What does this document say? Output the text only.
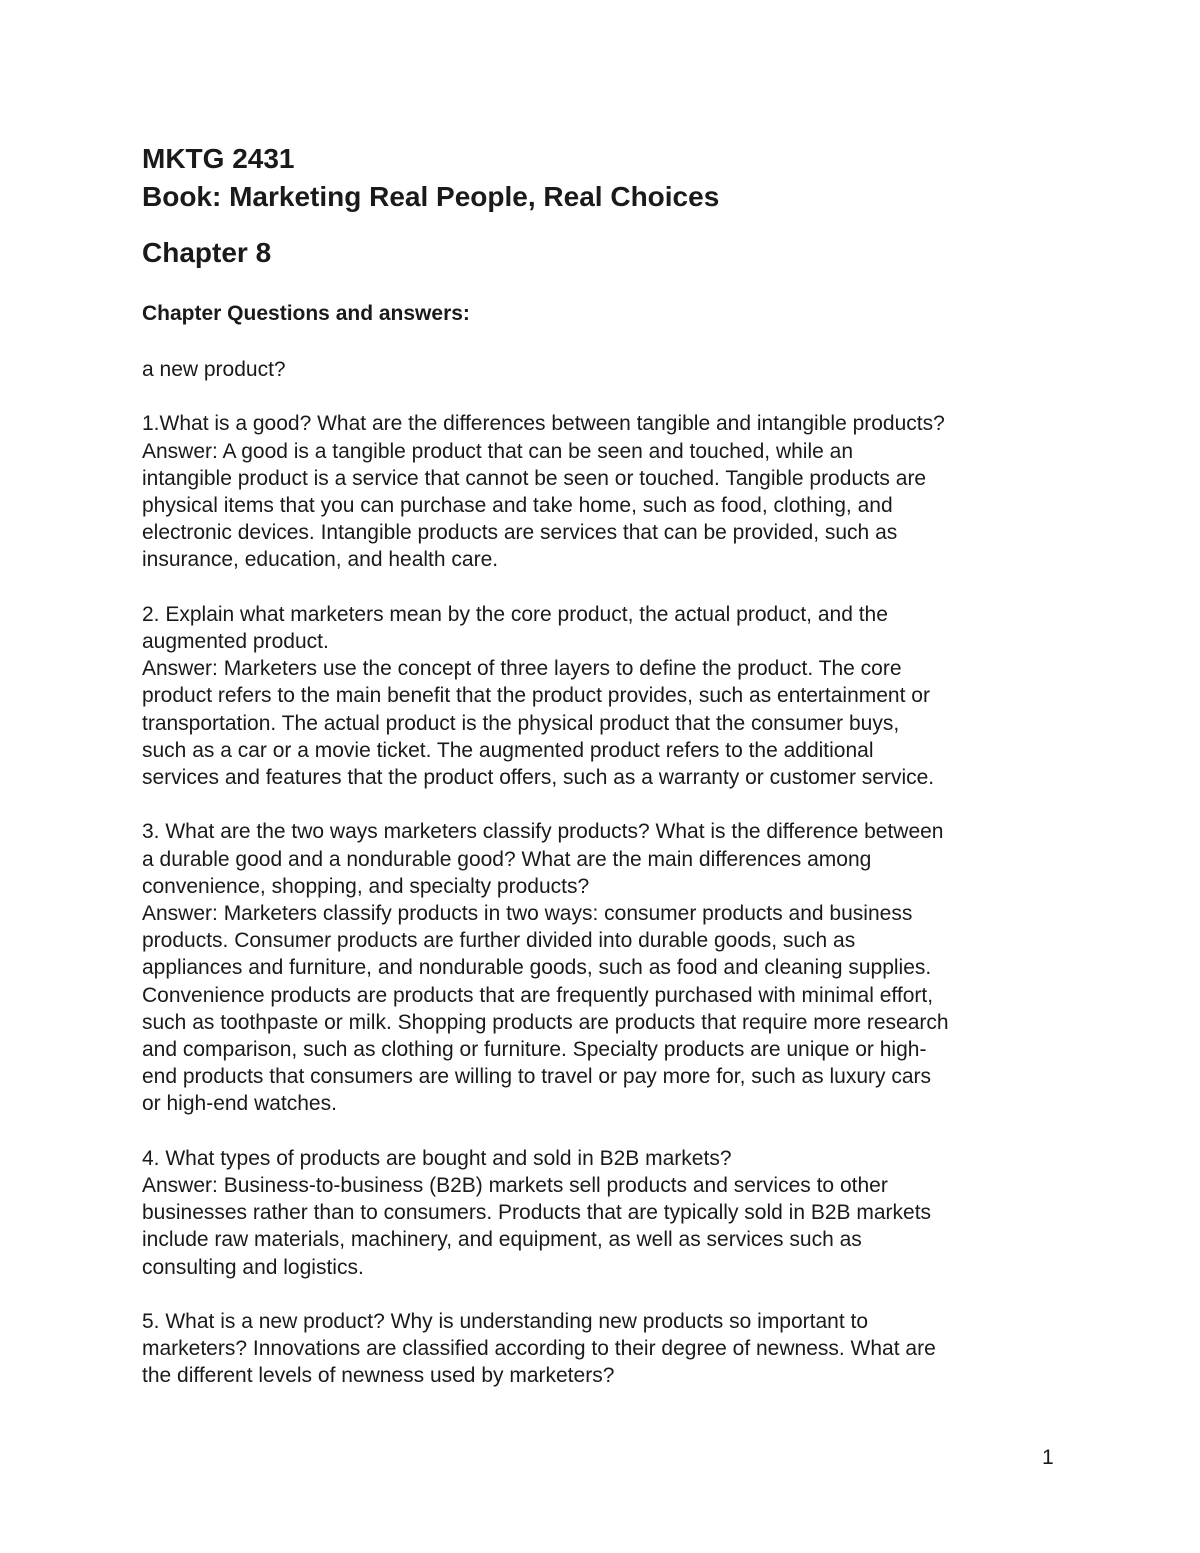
MKTG 2431

Book: Marketing Real People, Real Choices

Chapter 8

Chapter Questions and answers:

a new product?

1.What is a good? What are the differences between tangible and intangible products?

Answer: A good is a tangible product that can be seen and touched, while an

intangible product is a service that cannot be seen or touched. Tangible products are

physical items that you can purchase and take home, such as food, clothing, and

electronic devices. Intangible products are services that can be provided, such as

insurance, education, and health care.

2. Explain what marketers mean by the core product, the actual product, and the

augmented product.

Answer: Marketers use the concept of three layers to define the product. The core

product refers to the main benefit that the product provides, such as entertainment or

transportation. The actual product is the physical product that the consumer buys,

such as a car or a movie ticket. The augmented product refers to the additional

services and features that the product offers, such as a warranty or customer service.

3. What are the two ways marketers classify products? What is the difference between

a durable good and a nondurable good? What are the main differences among

convenience, shopping, and specialty products?

Answer: Marketers classify products in two ways: consumer products and business

products. Consumer products are further divided into durable goods, such as

appliances and furniture, and nondurable goods, such as food and cleaning supplies.

Convenience products are products that are frequently purchased with minimal effort,

such as toothpaste or milk. Shopping products are products that require more research

and comparison, such as clothing or furniture. Specialty products are unique or high-

end products that consumers are willing to travel or pay more for, such as luxury cars

or high-end watches.

4. What types of products are bought and sold in B2B markets?

Answer: Business-to-business (B2B) markets sell products and services to other

businesses rather than to consumers. Products that are typically sold in B2B markets

include raw materials, machinery, and equipment, as well as services such as

consulting and logistics.

5. What is a new product? Why is understanding new products so important to

marketers? Innovations are classified according to their degree of newness. What are

the different levels of newness used by marketers?

1
